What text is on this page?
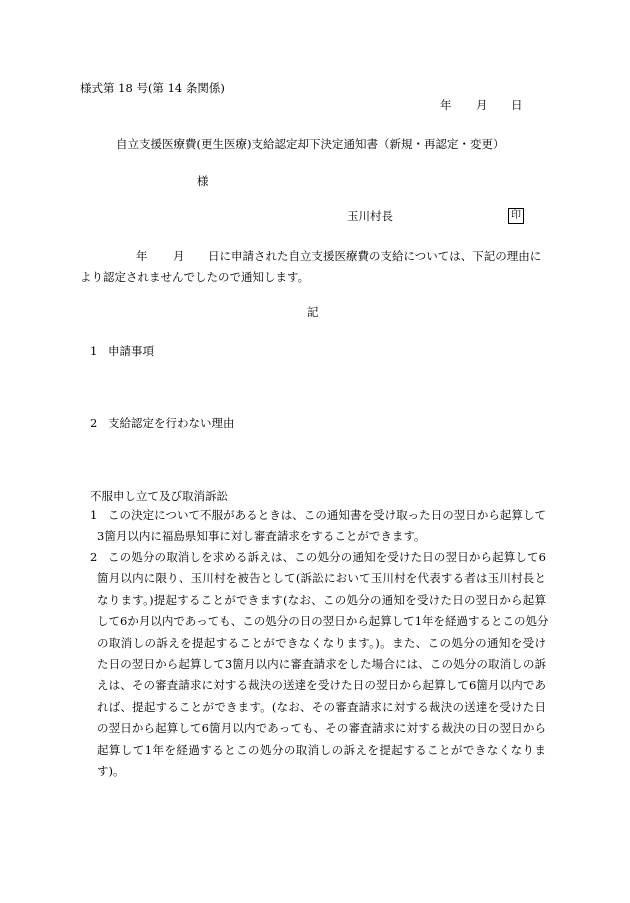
様式第 18 号(第 14 条関係)
年 月 日
自立支援医療費(更生医療)支給認定却下決定通知書（新規・再認定・変更）
様
玉川村長	印
年 月 日に申請された自立支援医療費の支給については、下記の理由に
より認定されませんでしたので通知します。
記
1 申請事項
2 支給認定を行わない理由
不服申し立て及び取消訴訟
1 この決定について不服があるときは、この通知書を受け取った日の翌日から起算して
3箇月以内に福島県知事に対し審査請求をすることができます。
2 この処分の取消しを求める訴えは、この処分の通知を受けた日の翌日から起算して6
箇月以内に限り、玉川村を被告として(訴訟において玉川村を代表する者は玉川村長と
なります。)提起することができます(なお、この処分の通知を受けた日の翌日から起算
して6か月以内であっても、この処分の日の翌日から起算して1年を経過するとこの処分
の取消しの訴えを提起することができなくなります。)。また、この処分の通知を受け
た日の翌日から起算して3箇月以内に審査請求をした場合には、この処分の取消しの訴
えは、その審査請求に対する裁決の送達を受けた日の翌日から起算して6箇月以内であ
れば、提起することができます。(なお、その審査請求に対する裁決の送達を受けた日
の翌日から起算して6箇月以内であっても、その審査請求に対する裁決の日の翌日から
起算して1年を経過するとこの処分の取消しの訴えを提起することができなくなりま
す)。
